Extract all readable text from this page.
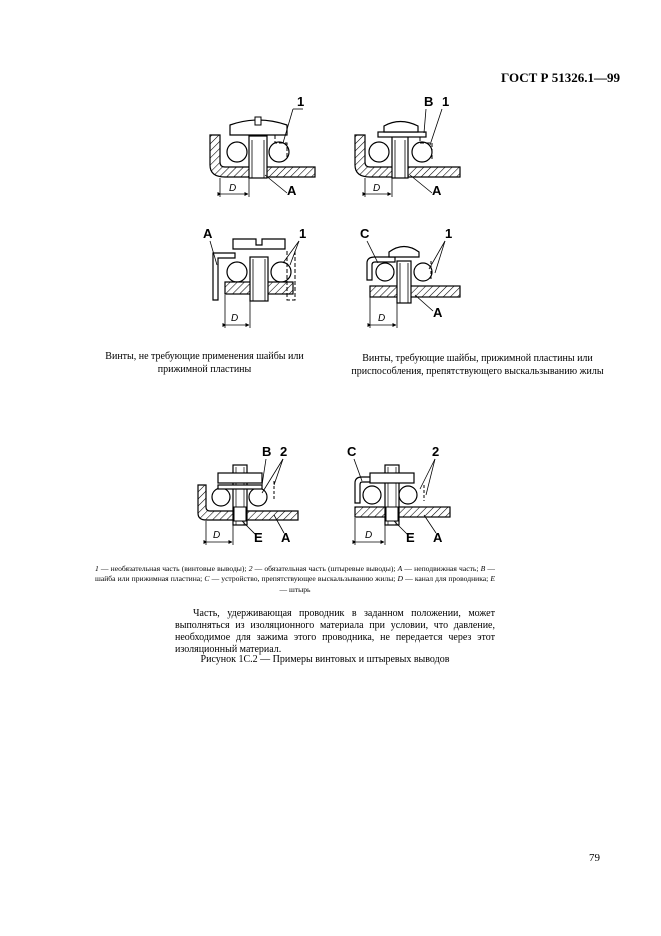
ГОСТ Р 51326.1—99
D
1
A	D
B 1
A
D
A	1
D
C	1
A
Винты, не требующие применения шайбы или прижимной пластины
Винты, требующие шайбы, прижимной пластины или приспособления, препятствующего выскальзыванию жилы
D
B 2
E A	D
C	2
E A
1 — необязательная часть (винтовые выводы); 2 — обязательная часть (штыревые выводы); A — неподвижная часть; B — шайба или прижимная пластина; C — устройство, препятствующее выскальзыванию жилы; D — канал для проводника; E— штырь
Часть, удерживающая проводник в заданном положении, может выполняться из изоляционного материала при условии, что давление, необходимое для зажима этого проводника, не передается через этот изоляционный материал.
Рисунок 1С.2 — Примеры винтовых и штыревых выводов
79
